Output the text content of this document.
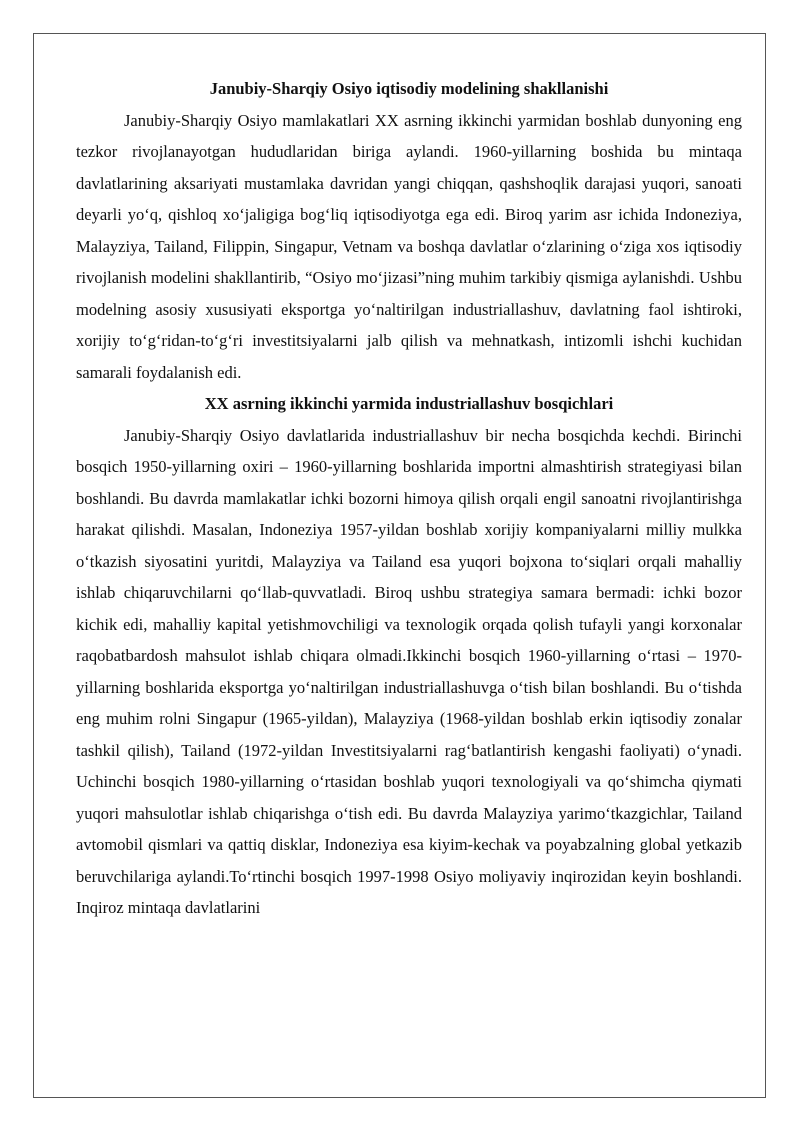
Janubiy-Sharqiy Osiyo iqtisodiy modelining shakllanishi

Janubiy-Sharqiy Osiyo mamlakatlari XX asrning ikkinchi yarmidan boshlab dunyoning eng tezkor rivojlanayotgan hududlaridan biriga aylandi. 1960-yillarning boshida bu mintaqa davlatlarining aksariyati mustamlaka davridan yangi chiqqan, qashshoqlik darajasi yuqori, sanoati deyarli yo‘q, qishloq xo‘jaligiga bog‘liq iqtisodiyotga ega edi. Biroq yarim asr ichida Indoneziya, Malayziya, Tailand, Filippin, Singapur, Vetnam va boshqa davlatlar o‘zlarining o‘ziga xos iqtisodiy rivojlanish modelini shakllantirib, “Osiyo mo‘jizasi”ning muhim tarkibiy qismiga aylanishdi. Ushbu modelning asosiy xususiyati eksportga yo‘naltirilgan industriallashuv, davlatning faol ishtiroki, xorijiy to‘g‘ridan-to‘g‘ri investitsiyalarni jalb qilish va mehnatkash, intizomli ishchi kuchidan samarali foydalanish edi.

XX asrning ikkinchi yarmida industriallashuv bosqichlari

Janubiy-Sharqiy Osiyo davlatlarida industriallashuv bir necha bosqichda kechdi. Birinchi bosqich 1950-yillarning oxiri – 1960-yillarning boshlarida importni almashtirish strategiyasi bilan boshlandi. Bu davrda mamlakatlar ichki bozorni himoya qilish orqali engil sanoatni rivojlantirishga harakat qilishdi. Masalan, Indoneziya 1957-yildan boshlab xorijiy kompaniyalarni milliy mulkka o‘tkazish siyosatini yuritdi, Malayziya va Tailand esa yuqori bojxona to‘siqlari orqali mahalliy ishlab chiqaruvchilarni qo‘llab-quvvatladi. Biroq ushbu strategiya samara bermadi: ichki bozor kichik edi, mahalliy kapital yetishmovchiligi va texnologik orqada qolish tufayli yangi korxonalar raqobatbardosh mahsulot ishlab chiqara olmadi.Ikkinchi bosqich 1960-yillarning o‘rtasi – 1970-yillarning boshlarida eksportga yo‘naltirilgan industriallashuvga o‘tish bilan boshlandi. Bu o‘tishda eng muhim rolni Singapur (1965-yildan), Malayziya (1968-yildan boshlab erkin iqtisodiy zonalar tashkil qilish), Tailand (1972-yildan Investitsiyalarni rag‘batlantirish kengashi faoliyati) o‘ynadi. Uchinchi bosqich 1980-yillarning o‘rtasidan boshlab yuqori texnologiyali va qo‘shimcha qiymati yuqori mahsulotlar ishlab chiqarishga o‘tish edi. Bu davrda Malayziya yarimo‘tkazgichlar, Tailand avtomobil qismlari va qattiq disklar, Indoneziya esa kiyim-kechak va poyabzalning global yetkazib beruvchilariga aylandi.To‘rtinchi bosqich 1997-1998 Osiyo moliyaviy inqirozidan keyin boshlandi. Inqiroz mintaqa davlatlarini
